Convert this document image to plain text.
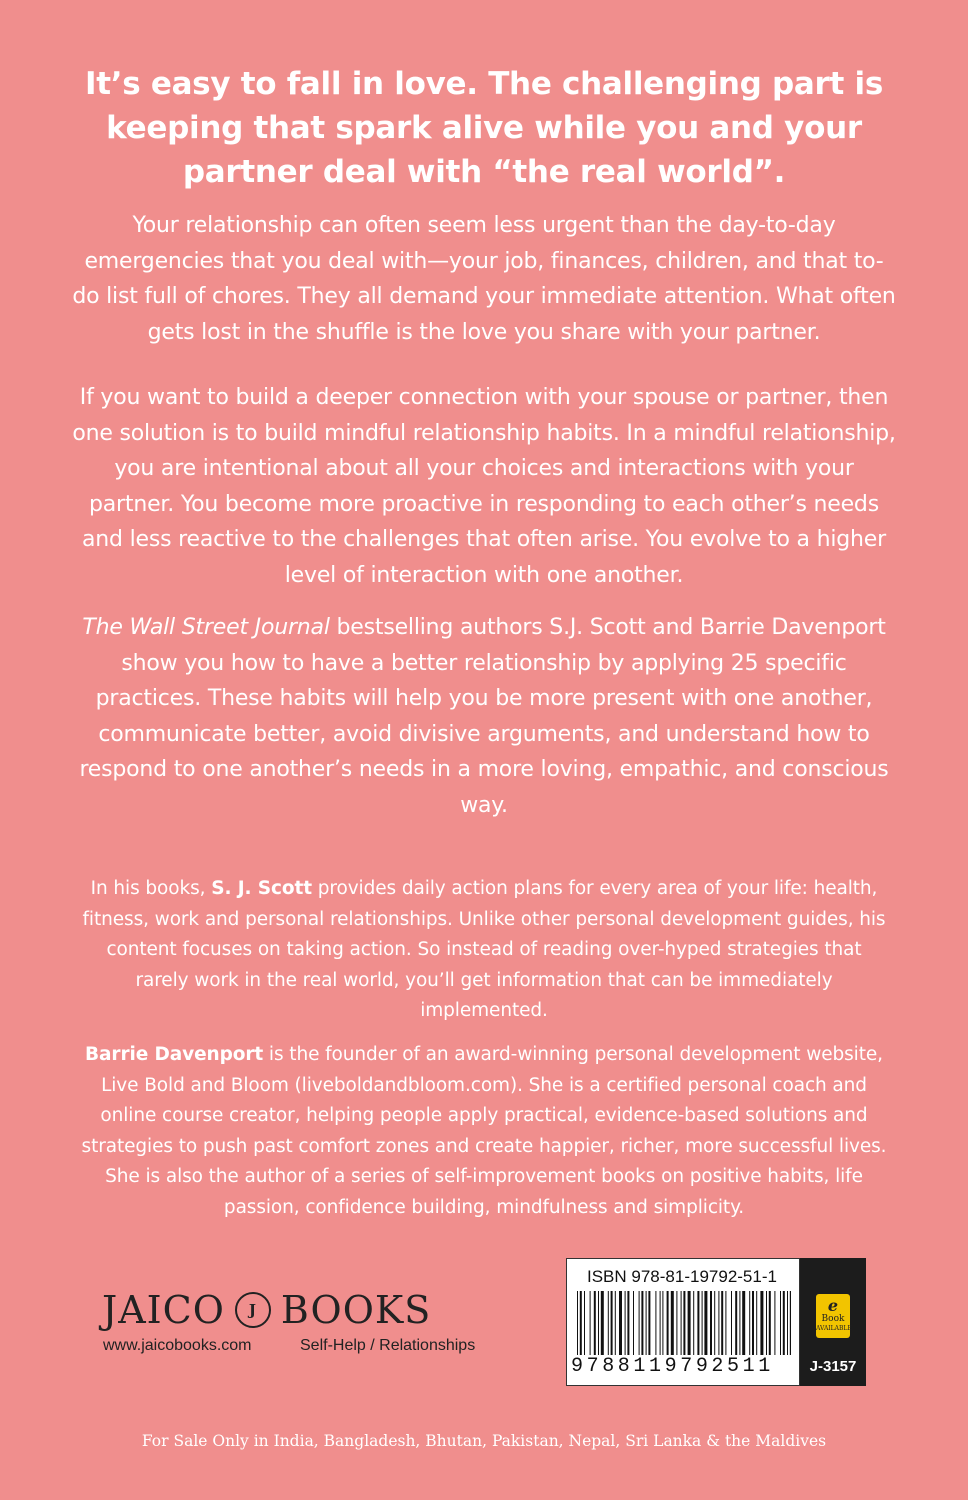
It’s easy to fall in love. The challenging part is keeping that spark alive while you and your partner deal with “the real world”.

Your relationship can often seem less urgent than the day-to-day emergencies that you deal with—your job, finances, children, and that to-do list full of chores. They all demand your immediate attention. What often gets lost in the shuffle is the love you share with your partner.

If you want to build a deeper connection with your spouse or partner, then one solution is to build mindful relationship habits. In a mindful relationship, you are intentional about all your choices and interactions with your partner. You become more proactive in responding to each other’s needs and less reactive to the challenges that often arise. You evolve to a higher level of interaction with one another.

The Wall Street Journal bestselling authors S.J. Scott and Barrie Davenport show you how to have a better relationship by applying 25 specific practices. These habits will help you be more present with one another, communicate better, avoid divisive arguments, and understand how to respond to one another’s needs in a more loving, empathic, and conscious way.

In his books, S. J. Scott provides daily action plans for every area of your life: health, fitness, work and personal relationships. Unlike other personal development guides, his content focuses on taking action. So instead of reading over-hyped strategies that rarely work in the real world, you’ll get information that can be immediately implemented.

Barrie Davenport is the founder of an award-winning personal development website, Live Bold and Bloom (liveboldandbloom.com). She is a certified personal coach and online course creator, helping people apply practical, evidence-based solutions and strategies to push past comfort zones and create happier, richer, more successful lives. She is also the author of a series of self-improvement books on positive habits, life passion, confidence building, mindfulness and simplicity.

JAICO J BOOKS
www.jaicobooks.com	Self-Help / Relationships
ISBN 978-81-19792-51-1
9788119792511
e
Book
AVAILABLE
J-3157
For Sale Only in India, Bangladesh, Bhutan, Pakistan, Nepal, Sri Lanka & the Maldives
